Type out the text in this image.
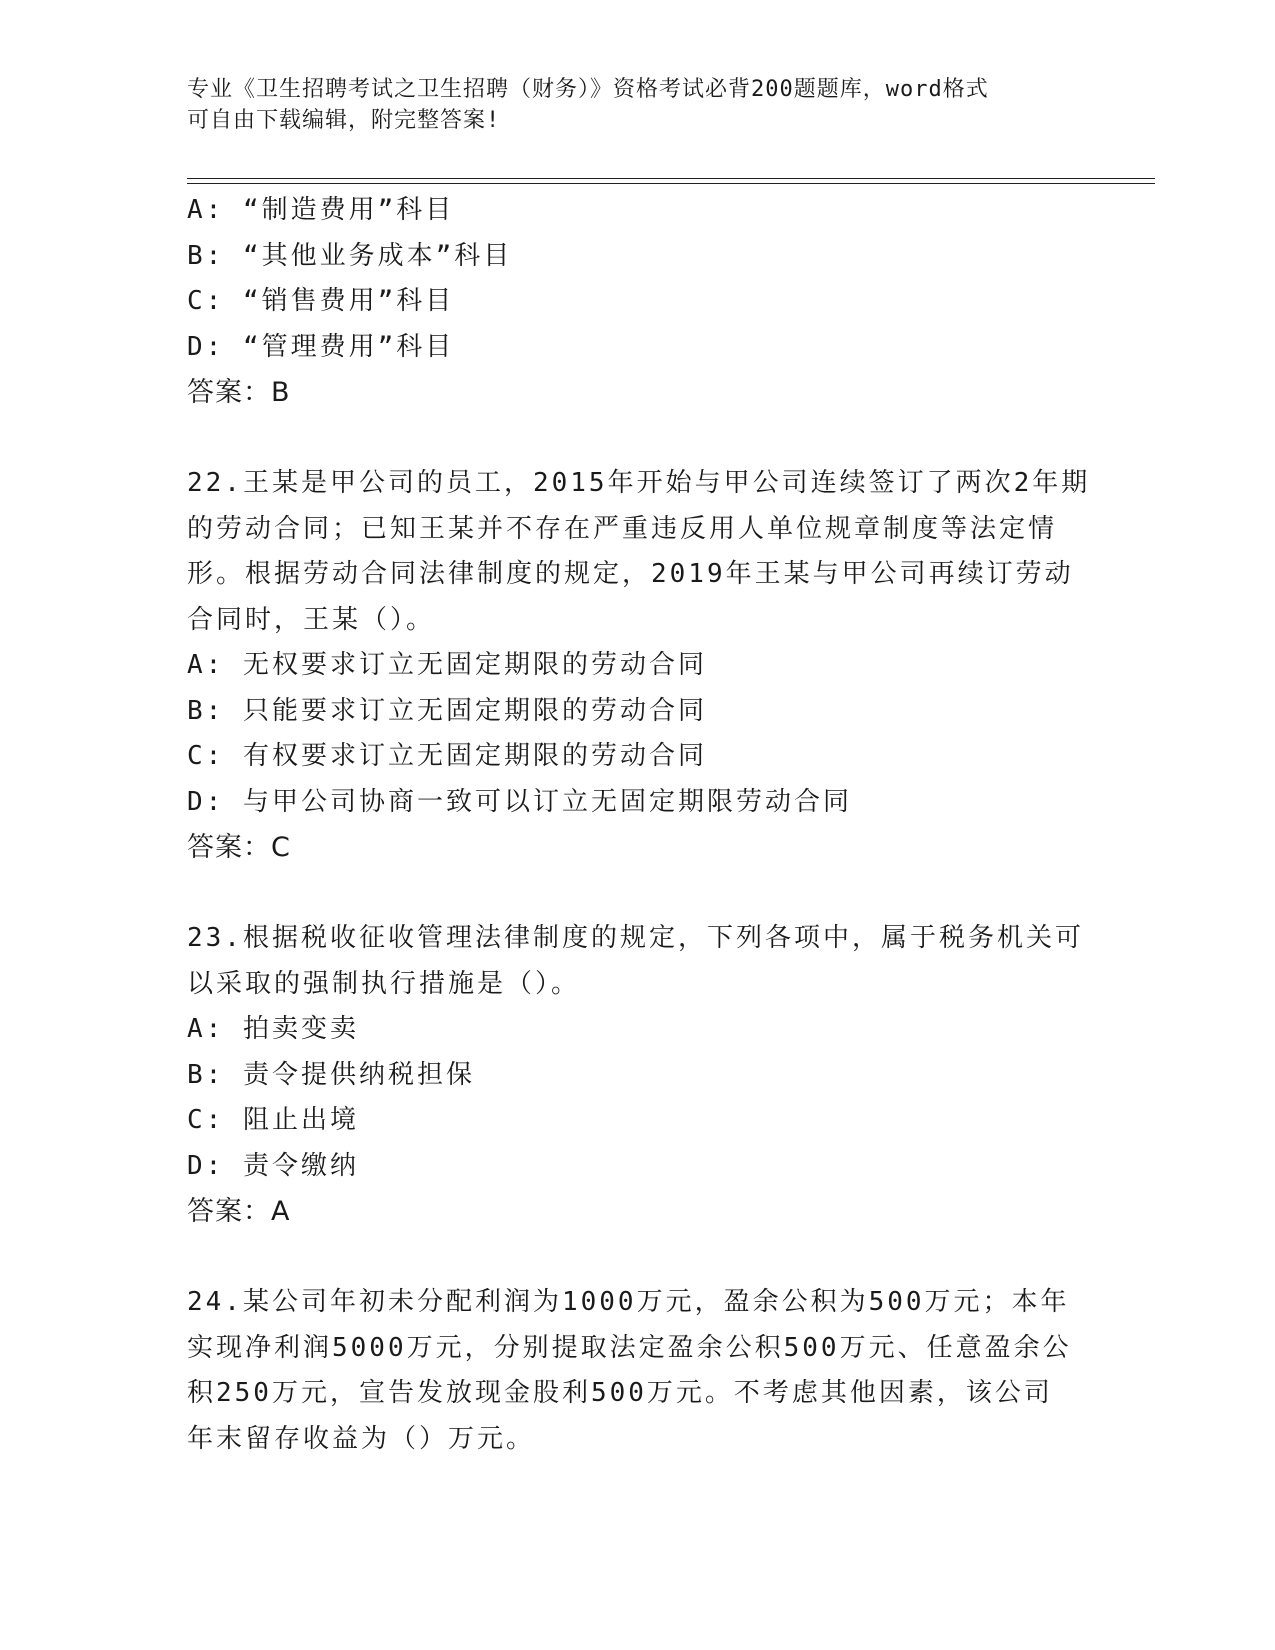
专业《卫生招聘考试之卫生招聘（财务）》资格考试必背200题题库，word格式
可自由下载编辑，附完整答案!
A: “制造费用”科目
B: “其他业务成本”科目
C: “销售费用”科目
D: “管理费用”科目
答案：B
22.王某是甲公司的员工，2015年开始与甲公司连续签订了两次2年期
的劳动合同；已知王某并不存在严重违反用人单位规章制度等法定情
形。根据劳动合同法律制度的规定，2019年王某与甲公司再续订劳动
合同时，王某（）。
A: 无权要求订立无固定期限的劳动合同
B: 只能要求订立无固定期限的劳动合同
C: 有权要求订立无固定期限的劳动合同
D: 与甲公司协商一致可以订立无固定期限劳动合同
答案：C
23.根据税收征收管理法律制度的规定，下列各项中，属于税务机关可
以采取的强制执行措施是（）。
A: 拍卖变卖
B: 责令提供纳税担保
C: 阻止出境
D: 责令缴纳
答案：A
24.某公司年初未分配利润为1000万元，盈余公积为500万元；本年
实现净利润5000万元，分别提取法定盈余公积500万元、任意盈余公
积250万元，宣告发放现金股利500万元。不考虑其他因素，该公司
年末留存收益为（）万元。
